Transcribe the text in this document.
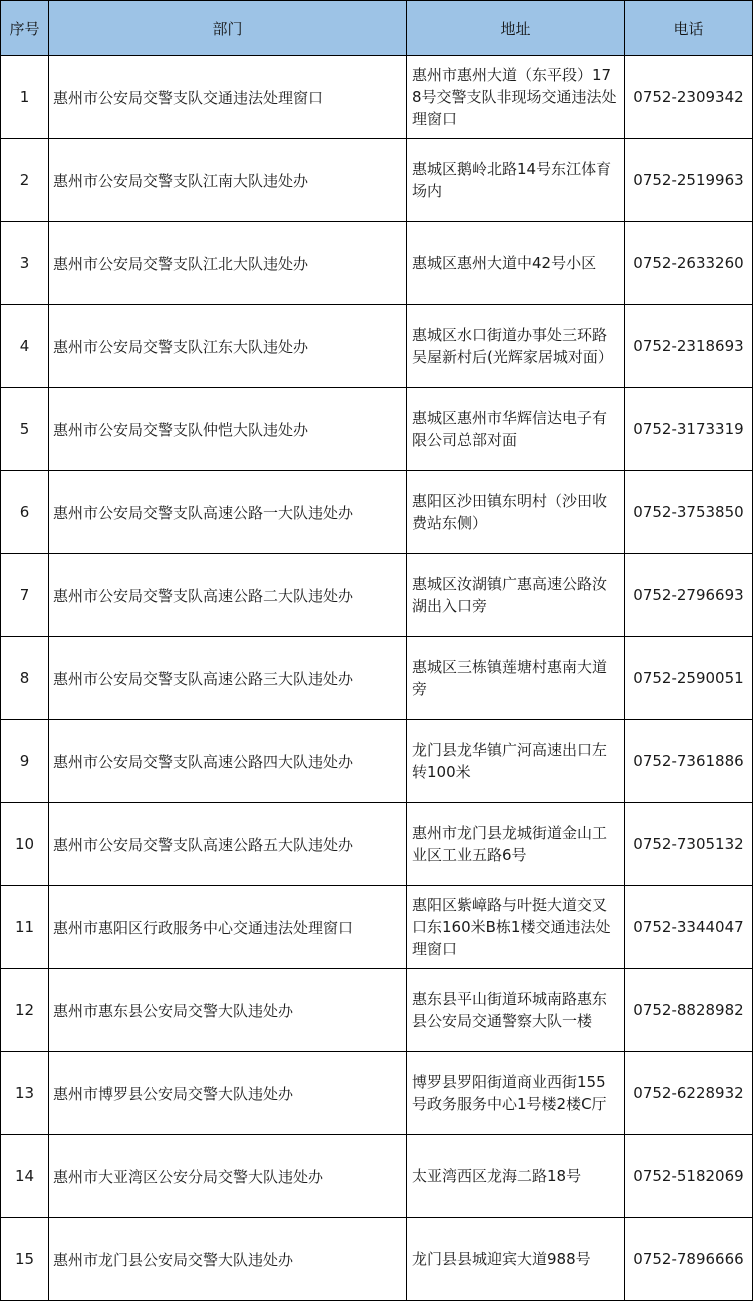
序号	部门	地址	电话
1	惠州市公安局交警支队交通违法处理窗口	惠州市惠州大道（东平段）178号交警支队非现场交通违法处理窗口	0752-2309342
2	惠州市公安局交警支队江南大队违处办	惠城区鹅岭北路14号东江体育场内	0752-2519963
3	惠州市公安局交警支队江北大队违处办	惠城区惠州大道中42号小区	0752-2633260
4	惠州市公安局交警支队江东大队违处办	惠城区水口街道办事处三环路吴屋新村后(光辉家居城对面）	0752-2318693
5	惠州市公安局交警支队仲恺大队违处办	惠城区惠州市华辉信达电子有限公司总部对面	0752-3173319
6	惠州市公安局交警支队高速公路一大队违处办	惠阳区沙田镇东明村（沙田收费站东侧）	0752-3753850
7	惠州市公安局交警支队高速公路二大队违处办	惠城区汝湖镇广惠高速公路汝湖出入口旁	0752-2796693
8	惠州市公安局交警支队高速公路三大队违处办	惠城区三栋镇莲塘村惠南大道旁	0752-2590051
9	惠州市公安局交警支队高速公路四大队违处办	龙门县龙华镇广河高速出口左转100米	0752-7361886
10	惠州市公安局交警支队高速公路五大队违处办	惠州市龙门县龙城街道金山工业区工业五路6号	0752-7305132
11	惠州市惠阳区行政服务中心交通违法处理窗口	惠阳区紫嶂路与叶挺大道交叉口东160米B栋1楼交通违法处理窗口	0752-3344047
12	惠州市惠东县公安局交警大队违处办	惠东县平山街道环城南路惠东县公安局交通警察大队一楼	0752-8828982
13	惠州市博罗县公安局交警大队违处办	博罗县罗阳街道商业西街155号政务服务中心1号楼2楼C厅	0752-6228932
14	惠州市大亚湾区公安分局交警大队违处办	太亚湾西区龙海二路18号	0752-5182069
15	惠州市龙门县公安局交警大队违处办	龙门县县城迎宾大道988号	0752-7896666
